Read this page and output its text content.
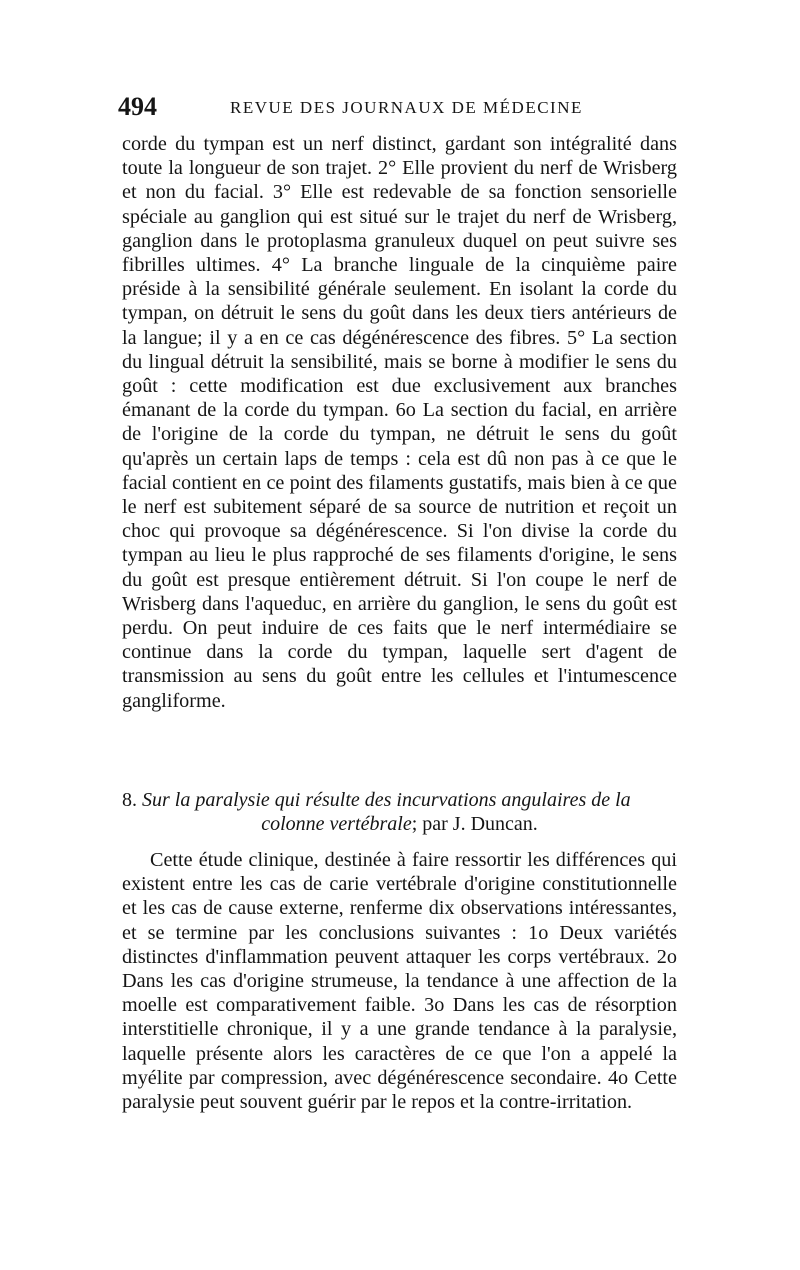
494	REVUE DES JOURNAUX DE MÉDECINE

corde du tympan est un nerf distinct, gardant son intégralité dans toute la longueur de son trajet. 2° Elle provient du nerf de Wrisberg et non du facial. 3° Elle est redevable de sa fonction sensorielle spéciale au ganglion qui est situé sur le trajet du nerf de Wrisberg, ganglion dans le protoplasma granuleux duquel on peut suivre ses fibrilles ultimes. 4° La branche linguale de la cinquième paire préside à la sensibilité générale seulement. En isolant la corde du tympan, on détruit le sens du goût dans les deux tiers antérieurs de la langue; il y a en ce cas dégénérescence des fibres. 5° La section du lingual détruit la sensibilité, mais se borne à modifier le sens du goût : cette modification est due exclusivement aux branches émanant de la corde du tympan. 6o La section du facial, en arrière de l'origine de la corde du tympan, ne détruit le sens du goût qu'après un certain laps de temps : cela est dû non pas à ce que le facial contient en ce point des filaments gustatifs, mais bien à ce que le nerf est subitement séparé de sa source de nutrition et reçoit un choc qui provoque sa dégénérescence. Si l'on divise la corde du tympan au lieu le plus rapproché de ses filaments d'origine, le sens du goût est presque entièrement détruit. Si l'on coupe le nerf de Wrisberg dans l'aqueduc, en arrière du ganglion, le sens du goût est perdu. On peut induire de ces faits que le nerf intermédiaire se continue dans la corde du tympan, laquelle sert d'agent de transmission au sens du goût entre les cellules et l'intumescence gangliforme.

8. Sur la paralysie qui résulte des incurvations angulaires de la
colonne vertébrale; par J. Duncan.

Cette étude clinique, destinée à faire ressortir les différences qui existent entre les cas de carie vertébrale d'origine constitutionnelle et les cas de cause externe, renferme dix observations intéressantes, et se termine par les conclusions suivantes : 1o Deux variétés distinctes d'inflammation peuvent attaquer les corps vertébraux. 2o Dans les cas d'origine strumeuse, la tendance à une affection de la moelle est comparativement faible. 3o Dans les cas de résorption interstitielle chronique, il y a une grande tendance à la paralysie, laquelle présente alors les caractères de ce que l'on a appelé la myélite par compression, avec dégénérescence secondaire. 4o Cette paralysie peut souvent guérir par le repos et la contre-irritation.
